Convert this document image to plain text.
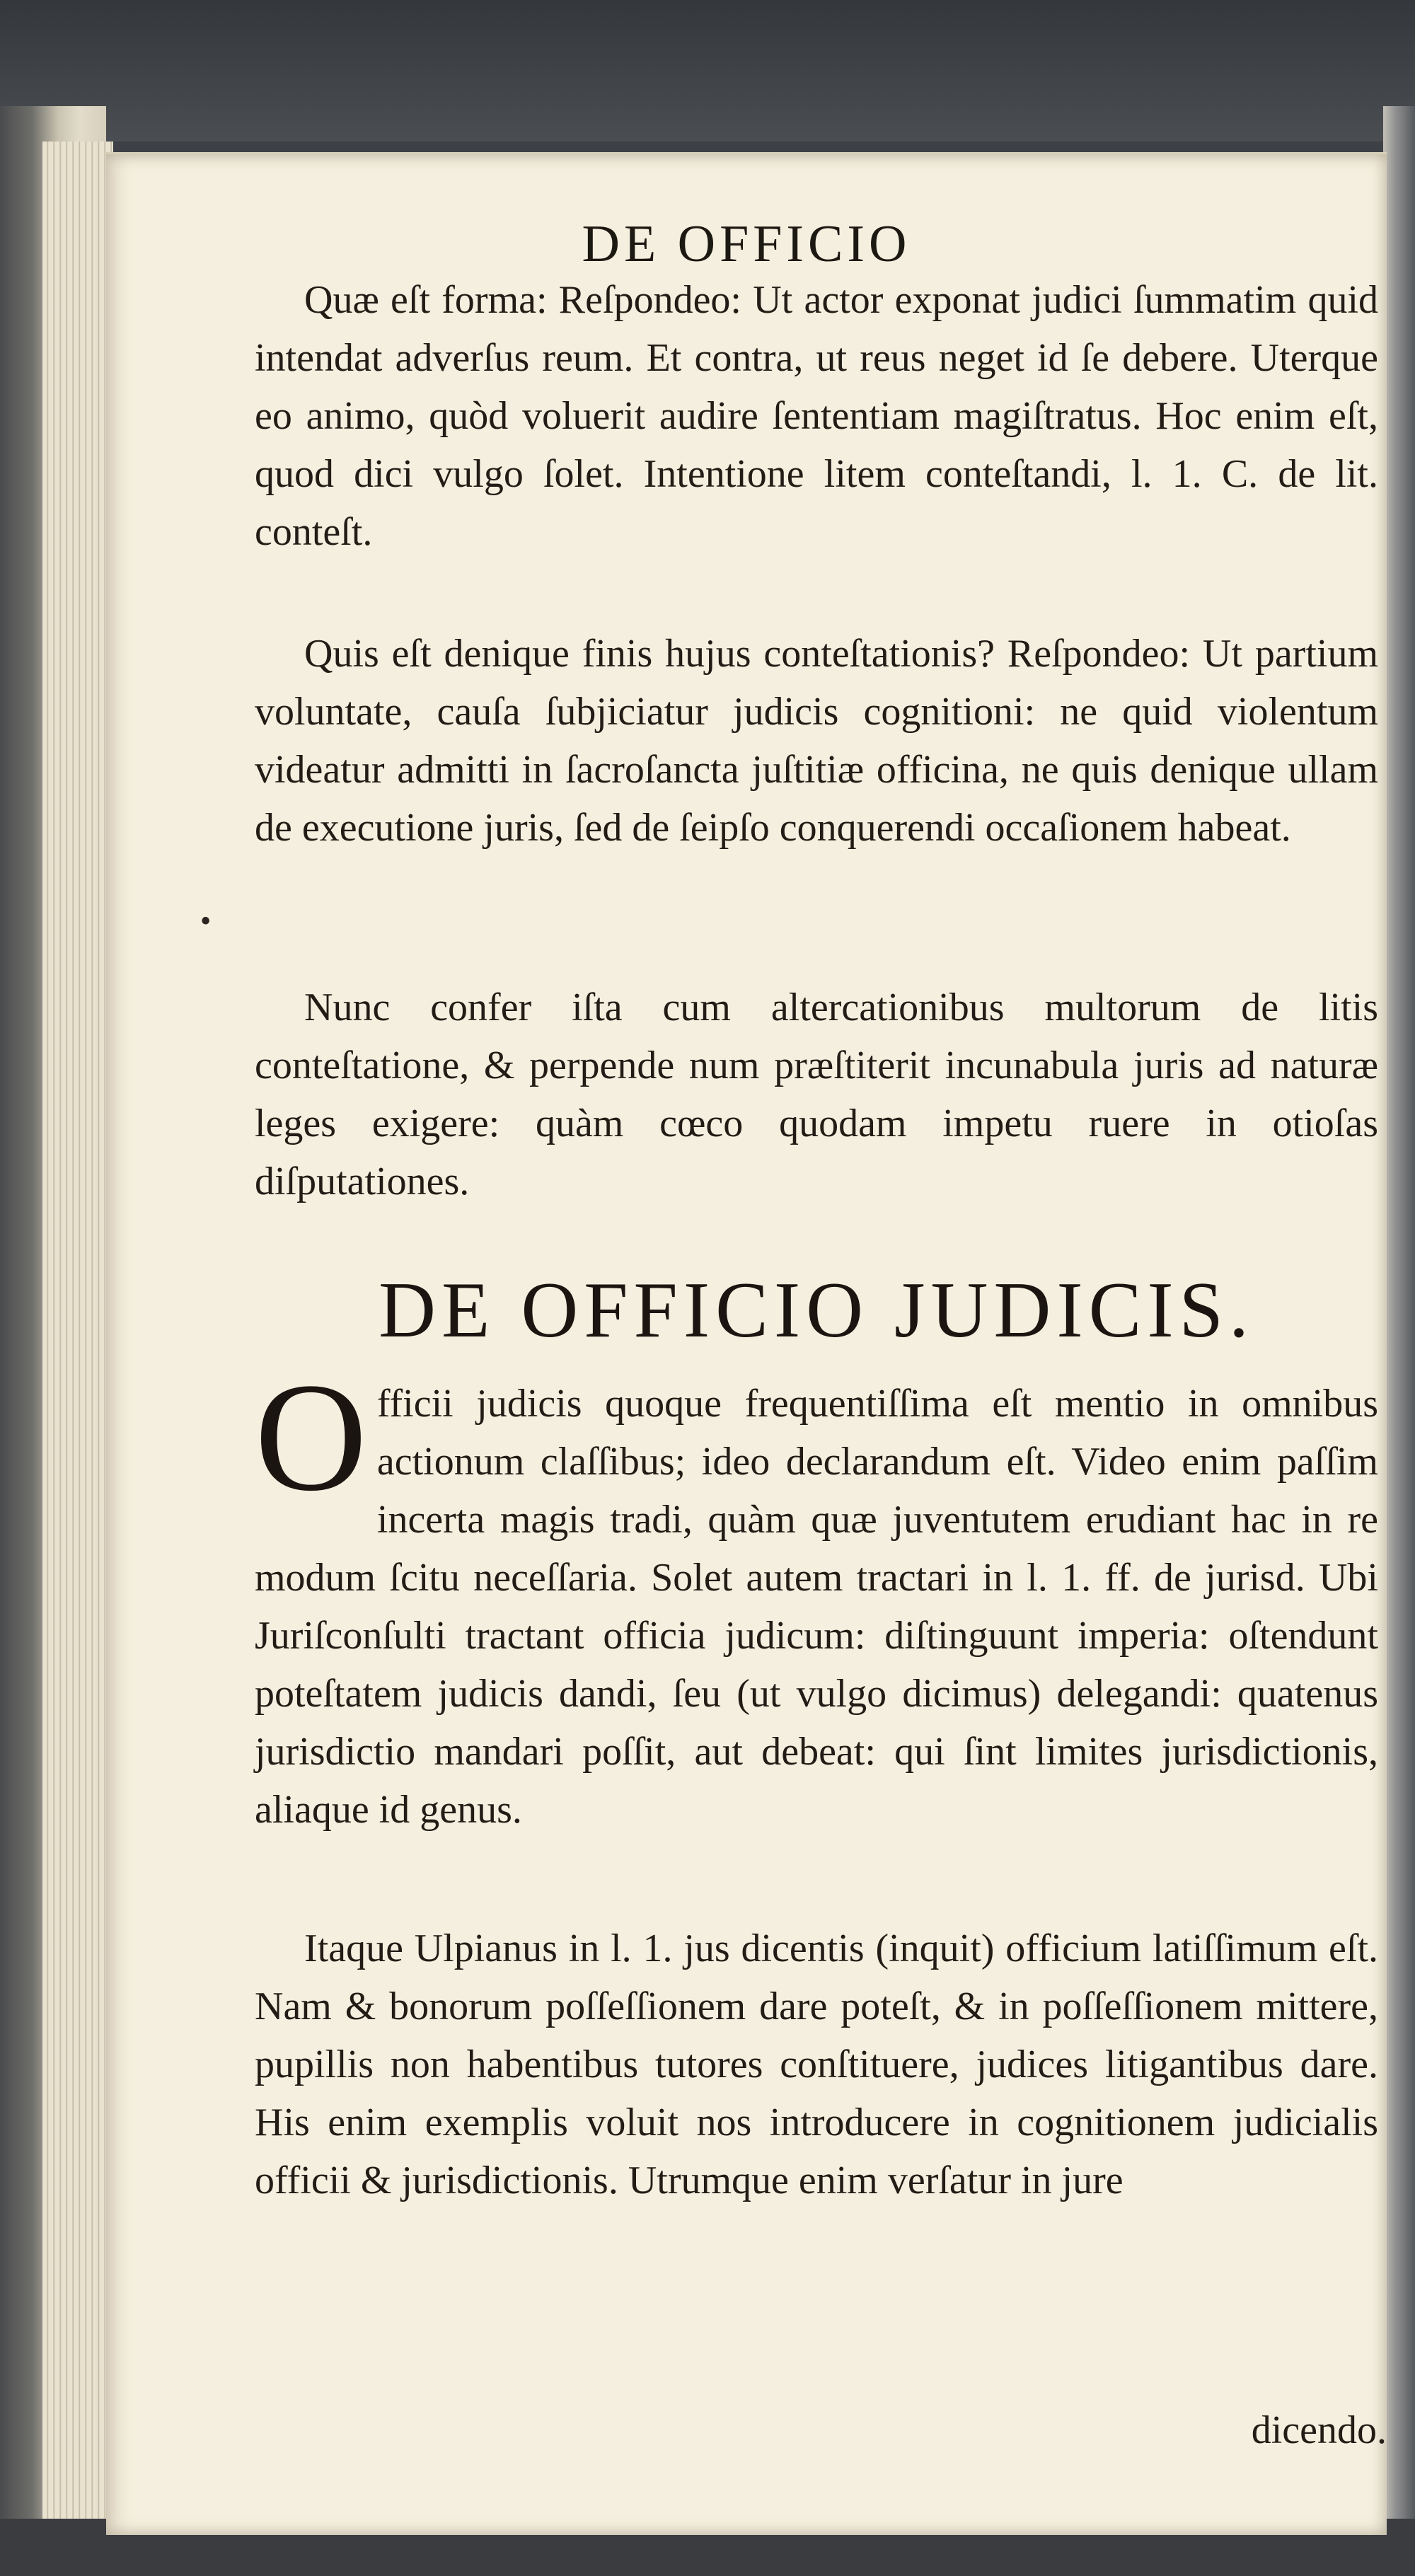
DE OFFICIO
•
Quæ eſt forma: Reſpondeo: Ut actor exponat judici ſummatim quid intendat adverſus reum. Et contra, ut reus neget id ſe debere. Uterque eo animo, quòd voluerit audire ſententiam magiſtratus. Hoc enim eſt, quod dici vulgo ſolet. Intentione litem conteſtandi, l. 1. C. de lit. conteſt.
Quis eſt denique finis hujus conteſtationis? Reſpondeo: Ut partium voluntate, cauſa ſubjiciatur judicis cognitioni: ne quid violentum videatur admitti in ſacroſancta juſtitiæ officina, ne quis denique ullam de executione juris, ſed de ſeipſo conquerendi occaſionem habeat.
Nunc confer iſta cum altercationibus multorum de litis conteſtatione, & perpende num præſtiterit incunabula juris ad naturæ leges exigere: quàm cœco quodam impetu ruere in otioſas diſputationes.
DE OFFICIO JUDICIS.
Officii judicis quoque frequentiſſima eſt mentio in omnibus actionum claſſibus; ideo declarandum eſt. Video enim paſſim incerta magis tradi, quàm quæ juventutem erudiant hac in re modum ſcitu neceſſaria. Solet autem tractari in l. 1. ff. de jurisd. Ubi Juriſconſulti tractant officia judicum: diſtinguunt imperia: oſtendunt poteſtatem judicis dandi, ſeu (ut vulgo dicimus) delegandi: quatenus jurisdictio mandari poſſit, aut debeat: qui ſint limites jurisdictionis, aliaque id genus.
Itaque Ulpianus in l. 1. jus dicentis (inquit) officium latiſſimum eſt. Nam & bonorum poſſeſſionem dare poteſt, & in poſſeſſionem mittere, pupillis non habentibus tutores conſtituere, judices litigantibus dare. His enim exemplis voluit nos introducere in cognitionem judicialis officii & jurisdictionis. Utrumque enim verſatur in jure
dicendo.
